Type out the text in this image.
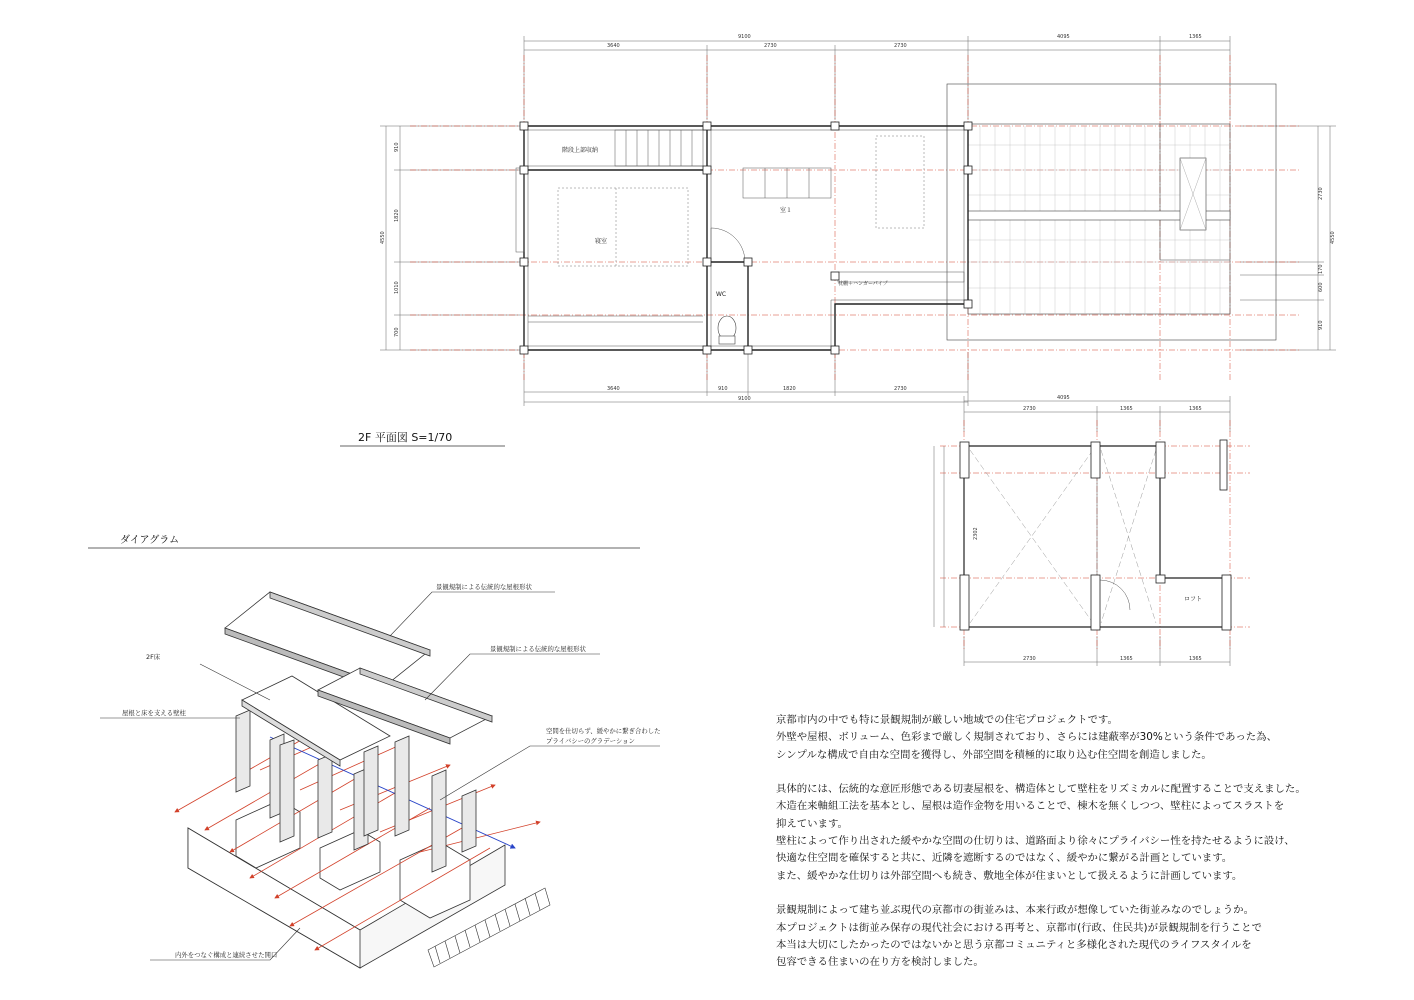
階段上部収納
寝室
室１
WC
枕棚＋ハンガーパイプ
9100	4095	1365
3640	2730	2730
3640	910	1820	2730
9100
910
1820
4550
1010
700
2730
4550
170
600
910
2F 平面図 S=1/70
ロフト
4095
2730	1365	1365
2730	1365	1365
2302
ダイアグラム
景観規制による伝統的な屋根形状
景観規制による伝統的な屋根形状
2F床
屋根と床を支える壁柱
空間を仕切らず、緩やかに繋ぎ合わした
プライバシーのグラデーション
内外をつなぐ構成と連続させた開口

京都市内の中でも特に景観規制が厳しい地域での住宅プロジェクトです。

外壁や屋根、ボリューム、色彩まで厳しく規制されており、さらには建蔽率が30%という条件であった為、

シンプルな構成で自由な空間を獲得し、外部空間を積極的に取り込む住空間を創造しました。

具体的には、伝統的な意匠形態である切妻屋根を、構造体として壁柱をリズミカルに配置することで支えました。

木造在来軸組工法を基本とし、屋根は造作金物を用いることで、棟木を無くしつつ、壁柱によってスラストを

抑えています。

壁柱によって作り出された緩やかな空間の仕切りは、道路面より徐々にプライバシー性を持たせるように設け、

快適な住空間を確保すると共に、近隣を遮断するのではなく、緩やかに繋がる計画としています。

また、緩やかな仕切りは外部空間へも続き、敷地全体が住まいとして扱えるように計画しています。

景観規制によって建ち並ぶ現代の京都市の街並みは、本来行政が想像していた街並みなのでしょうか。

本プロジェクトは街並み保存の現代社会における再考と、京都市(行政、住民共)が景観規制を行うことで

本当は大切にしたかったのではないかと思う京都コミュニティと多様化された現代のライフスタイルを

包容できる住まいの在り方を検討しました。
